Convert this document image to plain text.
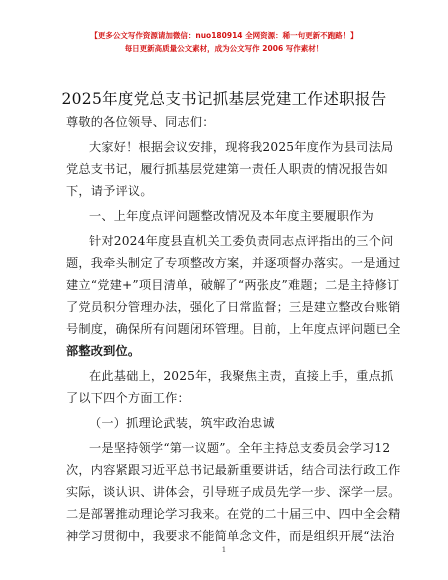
【更多公文写作资源请加微信：nuo180914 全网资源：稀一句更新不跑路！】
每日更新高质量公文素材，成为公文写作 2006 写作素材！
2025年度党总支书记抓基层党建工作述职报告
尊敬的各位领导、同志们：
大家好！根据会议安排，现将我2025年度作为县司法局
党总支书记，履行抓基层党建第一责任人职责的情况报告如
下，请予评议。
一、上年度点评问题整改情况及本年度主要履职作为
针对2024年度县直机关工委负责同志点评指出的三个问
题，我牵头制定了专项整改方案，并逐项督办落实。一是通过
建立“党建+”项目清单，破解了“两张皮”难题；二是主持修订
了党员积分管理办法，强化了日常监督；三是建立整改台账销
号制度，确保所有问题闭环管理。目前，上年度点评问题已全
部整改到位。
在此基础上，2025年，我聚焦主责，直接上手，重点抓
了以下四个方面工作：
（一）抓理论武装，筑牢政治忠诚
一是坚持领学“第一议题”。全年主持总支委员会学习12
次，内容紧跟习近平总书记最新重要讲话，结合司法行政工作
实际，谈认识、讲体会，引导班子成员先学一步、深学一层。
二是部署推动理论学习我来。在党的二十届三中、四中全会精
神学习贯彻中，我要求不能简单念文件，而是组织开展“法治
1
